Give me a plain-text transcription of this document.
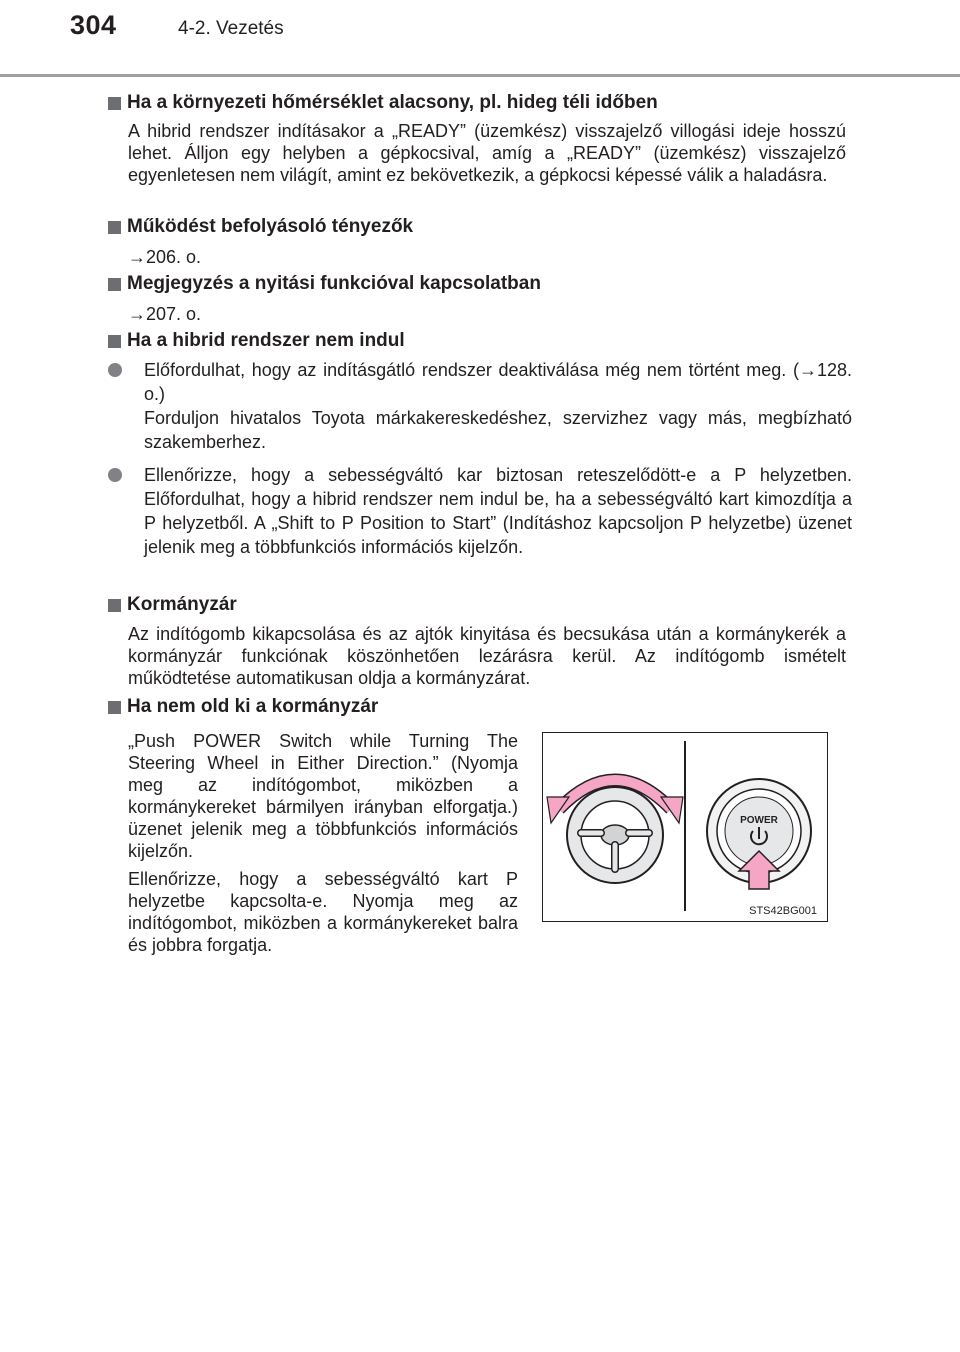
304	4-2. Vezetés
Ha a környezeti hőmérséklet alacsony, pl. hideg téli időben
A hibrid rendszer indításakor a „READY” (üzemkész) visszajelző villogási ideje hosszú lehet. Álljon egy helyben a gépkocsival, amíg a „READY” (üzemkész) visszajelző egyenletesen nem világít, amint ez bekövetkezik, a gépkocsi képessé válik a haladásra.
Működést befolyásoló tényezők
→206. o.
Megjegyzés a nyitási funkcióval kapcsolatban
→207. o.
Ha a hibrid rendszer nem indul
Előfordulhat, hogy az indításgátló rendszer deaktiválása még nem történt meg. (→128. o.)
Forduljon hivatalos Toyota márkakereskedéshez, szervizhez vagy más, megbízható szakemberhez.
Ellenőrizze, hogy a sebességváltó kar biztosan reteszelődött-e a P helyzetben. Előfordulhat, hogy a hibrid rendszer nem indul be, ha a sebességváltó kart kimozdítja a P helyzetből. A „Shift to P Position to Start” (Indításhoz kapcsoljon P helyzetbe) üzenet jelenik meg a többfunkciós információs kijelzőn.
Kormányzár
Az indítógomb kikapcsolása és az ajtók kinyitása és becsukása után a kormánykerék a kormányzár funkciónak köszönhetően lezárásra kerül. Az indítógomb ismételt működtetése automatikusan oldja a kormányzárat.
Ha nem old ki a kormányzár
„Push POWER Switch while Turning The Steering Wheel in Either Direction.” (Nyomja meg az indítógombot, miközben a kormánykereket bármilyen irányban elforgatja.) üzenet jelenik meg a többfunkciós információs kijelzőn.
Ellenőrizze, hogy a sebességváltó kart P helyzetbe kapcsolta-e. Nyomja meg az indítógombot, miközben a kormánykereket balra és jobbra forgatja.
POWER
STS42BG001
